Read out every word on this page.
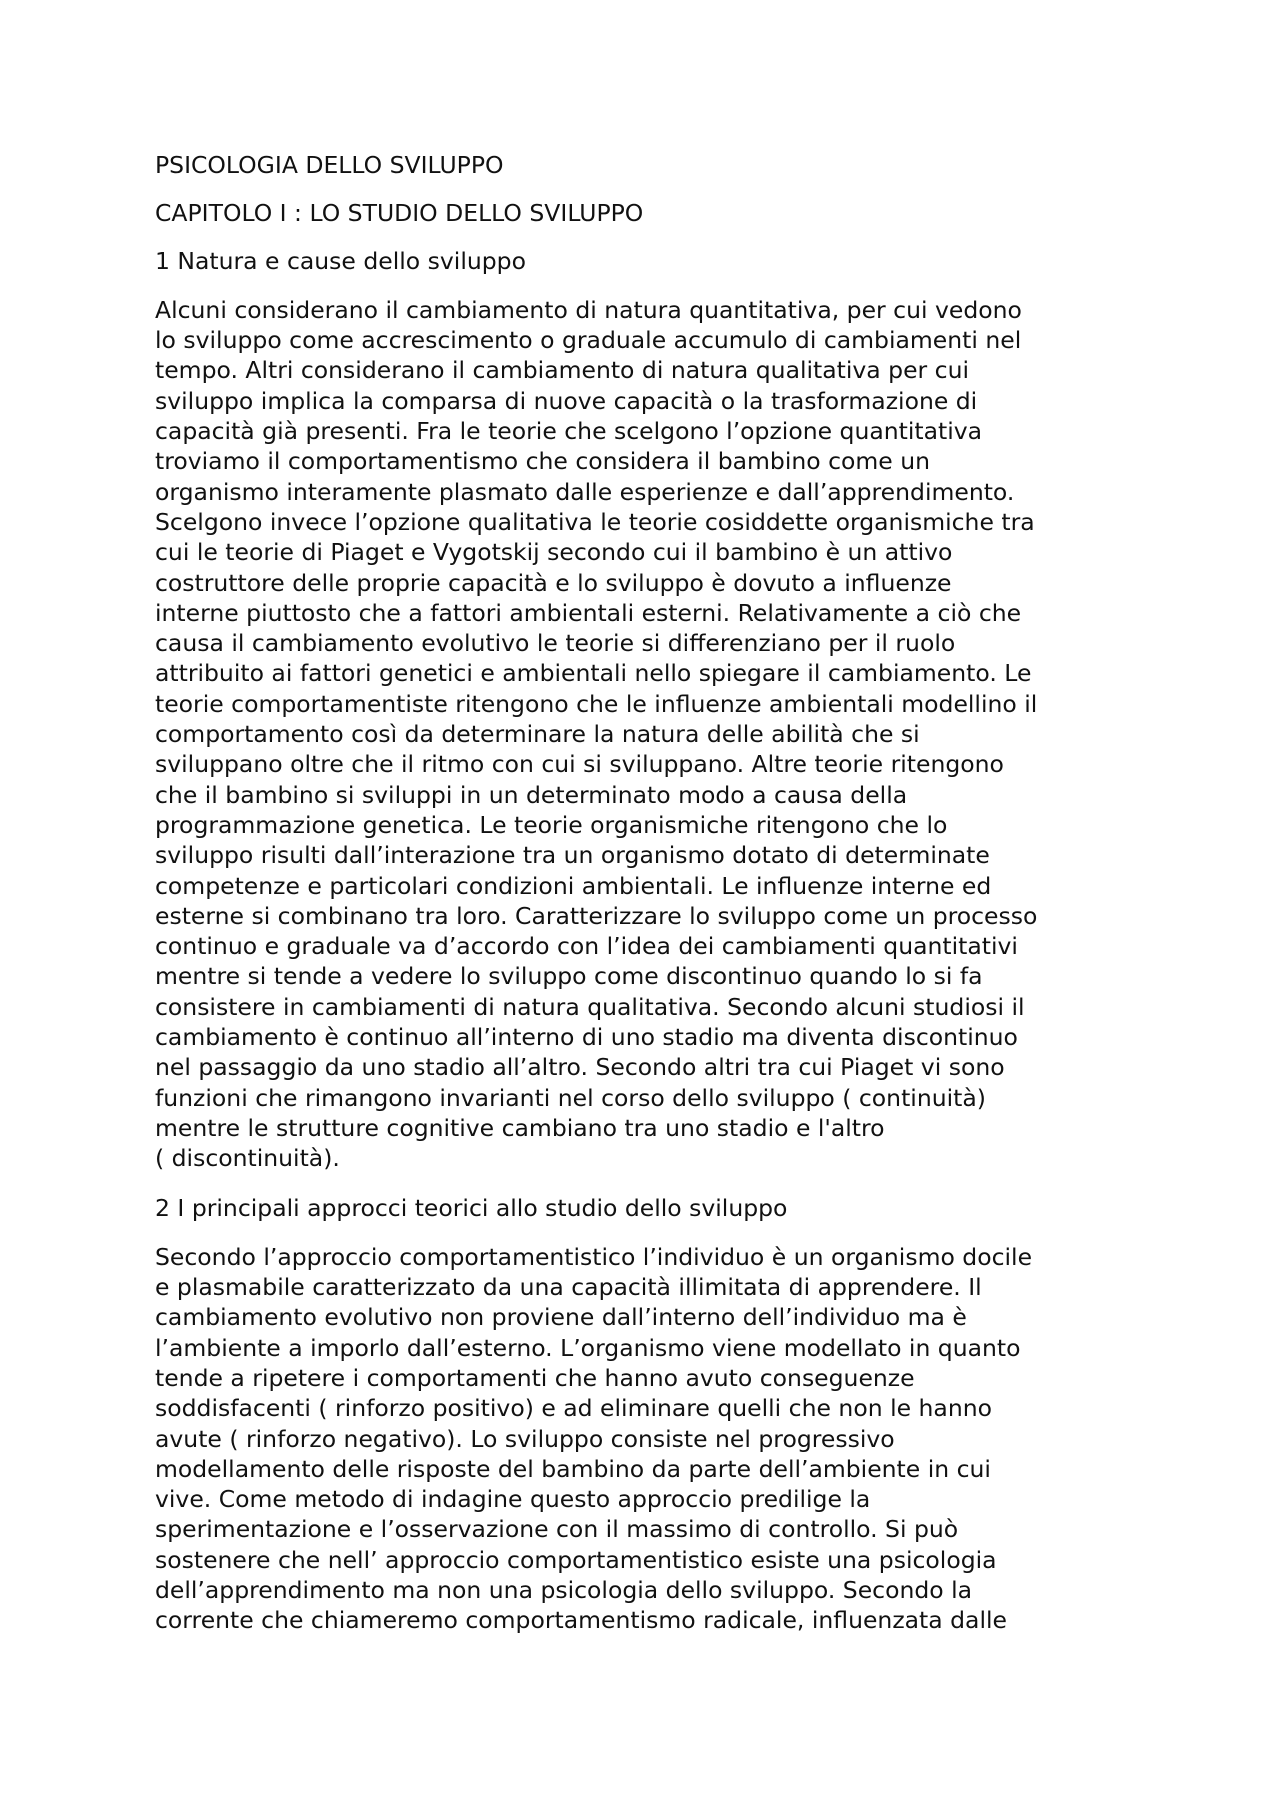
PSICOLOGIA DELLO SVILUPPO

CAPITOLO I : LO STUDIO DELLO SVILUPPO

1 Natura e cause dello sviluppo

Alcuni considerano il cambiamento di natura quantitativa, per cui vedono
lo sviluppo come accrescimento o graduale accumulo di cambiamenti nel
tempo. Altri considerano il cambiamento di natura qualitativa per cui
sviluppo implica la comparsa di nuove capacità o la trasformazione di
capacità già presenti. Fra le teorie che scelgono l’opzione quantitativa
troviamo il comportamentismo che considera il bambino come un
organismo interamente plasmato dalle esperienze e dall’apprendimento.
Scelgono invece l’opzione qualitativa le teorie cosiddette organismiche tra
cui le teorie di Piaget e Vygotskij secondo cui il bambino è un attivo
costruttore delle proprie capacità e lo sviluppo è dovuto a influenze
interne piuttosto che a fattori ambientali esterni. Relativamente a ciò che
causa il cambiamento evolutivo le teorie si differenziano per il ruolo
attribuito ai fattori genetici e ambientali nello spiegare il cambiamento. Le
teorie comportamentiste ritengono che le influenze ambientali modellino il
comportamento così da determinare la natura delle abilità che si
sviluppano oltre che il ritmo con cui si sviluppano. Altre teorie ritengono
che il bambino si sviluppi in un determinato modo a causa della
programmazione genetica. Le teorie organismiche ritengono che lo
sviluppo risulti dall’interazione tra un organismo dotato di determinate
competenze e particolari condizioni ambientali. Le influenze interne ed
esterne si combinano tra loro. Caratterizzare lo sviluppo come un processo
continuo e graduale va d’accordo con l’idea dei cambiamenti quantitativi
mentre si tende a vedere lo sviluppo come discontinuo quando lo si fa
consistere in cambiamenti di natura qualitativa. Secondo alcuni studiosi il
cambiamento è continuo all’interno di uno stadio ma diventa discontinuo
nel passaggio da uno stadio all’altro. Secondo altri tra cui Piaget vi sono
funzioni che rimangono invarianti nel corso dello sviluppo ( continuità)
mentre le strutture cognitive cambiano tra uno stadio e l'altro
( discontinuità).

2 I principali approcci teorici allo studio dello sviluppo

Secondo l’approccio comportamentistico l’individuo è un organismo docile
e plasmabile caratterizzato da una capacità illimitata di apprendere. Il
cambiamento evolutivo non proviene dall’interno dell’individuo ma è
l’ambiente a imporlo dall’esterno. L’organismo viene modellato in quanto
tende a ripetere i comportamenti che hanno avuto conseguenze
soddisfacenti ( rinforzo positivo) e ad eliminare quelli che non le hanno
avute ( rinforzo negativo). Lo sviluppo consiste nel progressivo
modellamento delle risposte del bambino da parte dell’ambiente in cui
vive. Come metodo di indagine questo approccio predilige la
sperimentazione e l’osservazione con il massimo di controllo. Si può
sostenere che nell’ approccio comportamentistico esiste una psicologia
dell’apprendimento ma non una psicologia dello sviluppo. Secondo la
corrente che chiameremo comportamentismo radicale, influenzata dalle
